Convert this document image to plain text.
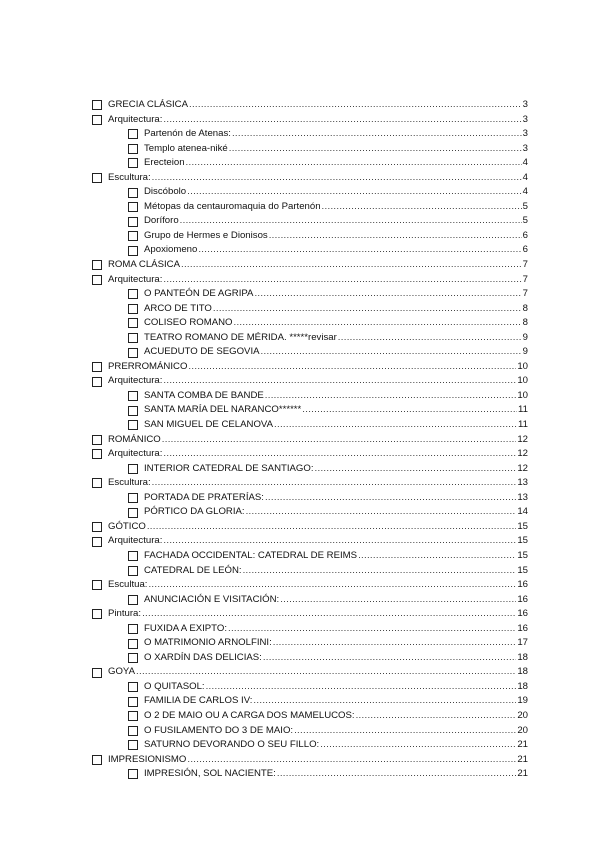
GRECIA CLÁSICA .....	3
Arquitectura: .....	3
Partenón de Atenas: .....	3
Templo atenea-niké .....	3
Erecteion .....	4
Escultura: .....	4
Discóbolo .....	4
Métopas da centauromaquia do Partenón .....	5
Doríforo .....	5
Grupo de Hermes e Dionisos .....	6
Apoxiomeno .....	6
ROMA CLÁSICA .....	7
Arquitectura: .....	7
O PANTEÓN DE AGRIPA .....	7
ARCO DE TITO .....	8
COLISEO ROMANO .....	8
TEATRO ROMANO DE MÉRIDA. *****revisar .....	9
ACUEDUTO DE SEGOVIA .....	9
PRERROMÁNICO .....	10
Arquitectura: .....	10
SANTA COMBA DE BANDE .....	10
SANTA MARÍA DEL NARANCO****** .....	11
SAN MIGUEL DE CELANOVA .....	11
ROMÁNICO .....	12
Arquitectura: .....	12
INTERIOR CATEDRAL DE SANTIAGO: .....	12
Escultura: .....	13
PORTADA DE PRATERÍAS: .....	13
PÓRTICO DA GLORIA: .....	14
GÓTICO .....	15
Arquitectura: .....	15
FACHADA OCCIDENTAL: CATEDRAL DE REIMS .....	15
CATEDRAL DE LEÓN: .....	15
Escultua: .....	16
ANUNCIACIÓN E VISITACIÓN: .....	16
Pintura: .....	16
FUXIDA A EXIPTO: .....	16
O MATRIMONIO ARNOLFINI: .....	17
O XARDÍN DAS DELICIAS: .....	18
GOYA .....	18
O QUITASOL: .....	18
FAMILIA DE CARLOS IV: .....	19
O 2 DE MAIO OU A CARGA DOS MAMELUCOS: .....	20
O FUSILAMENTO DO 3 DE MAIO: .....	20
SATURNO DEVORANDO O SEU FILLO: .....	21
IMPRESIONISMO .....	21
IMPRESIÓN, SOL NACIENTE: .....	21
